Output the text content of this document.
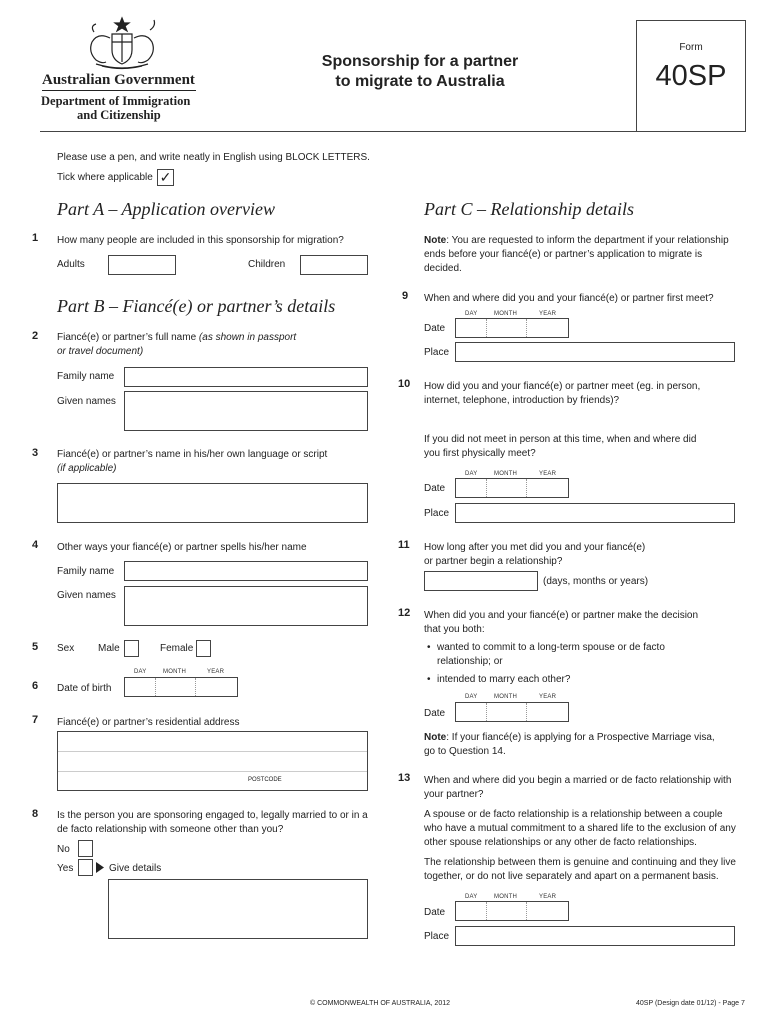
Australian Government
Department of Immigration
and Citizenship
Sponsorship for a partner
to migrate to Australia
Form
40SP
Please use a pen, and write neatly in English using BLOCK LETTERS.
Tick where applicable ✓
Part A – Application overview
1 How many people are included in this sponsorship for migration?
Adults	Children
Part B – Fiancé(e) or partner’s details
2 Fiancé(e) or partner’s full name (as shown in passport
or travel document)
Family name
Given names
3 Fiancé(e) or partner’s name in his/her own language or script
(if applicable)
4 Other ways your fiancé(e) or partner spells his/her name
Family name
Given names
5 Sex Male	Female
DAY	MONTH	YEAR
6 Date of birth
7 Fiancé(e) or partner’s residential address
POSTCODE
8 Is the person you are sponsoring engaged to, legally married to or in a
de facto relationship with someone other than you?
No
Yes	Give details
Part C – Relationship details
Note: You are requested to inform the department if your relationship
ends before your fiancé(e) or partner’s application to migrate is
decided.
9 When and where did you and your fiancé(e) or partner first meet?
DAY	MONTH	YEAR
Date
Place
10 How did you and your fiancé(e) or partner meet (eg. in person,
internet, telephone, introduction by friends)?
If you did not meet in person at this time, when and where did
you first physically meet?
DAY	MONTH	YEAR
Date
Place
11 How long after you met did you and your fiancé(e)
or partner begin a relationship?
(days, months or years)
12 When did you and your fiancé(e) or partner make the decision
that you both:
• wanted to commit to a long-term spouse or de facto
relationship; or
• intended to marry each other?
DAY	MONTH	YEAR
Date
Note: If your fiancé(e) is applying for a Prospective Marriage visa,
go to Question 14.
13 When and where did you begin a married or de facto relationship with
your partner?
A spouse or de facto relationship is a relationship between a couple
who have a mutual commitment to a shared life to the exclusion of any
other spouse relationships or any other de facto relationships.
The relationship between them is genuine and continuing and they live
together, or do not live separately and apart on a permanent basis.
DAY	MONTH	YEAR
Date
Place
© COMMONWEALTH OF AUSTRALIA, 2012	40SP (Design date 01/12) - Page 7
